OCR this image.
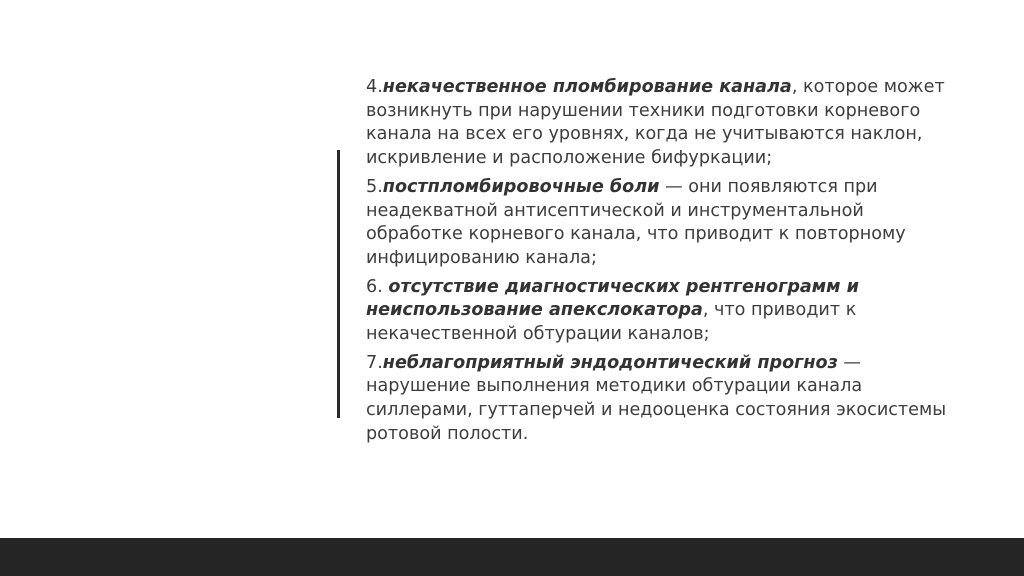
4.некачественное пломбирование канала, которое может возникнуть при нарушении техники подготовки корневого канала на всех его уровнях, когда не учитываются наклон, искривление и расположение бифуркации;

5.постпломбировочные боли — они появляются при неадекватной антисептической и инструментальной обработке корневого канала, что приводит к повторному инфицированию канала;

6. отсутствие диагностических рентгенограмм и неиспользование апекслокатора, что приводит к некачественной обтурации каналов;

7.неблагоприятный эндодонтический прогноз — нарушение выполнения методики обтурации канала силлерами, гуттаперчей и недооценка состояния экосистемы ротовой полости.
